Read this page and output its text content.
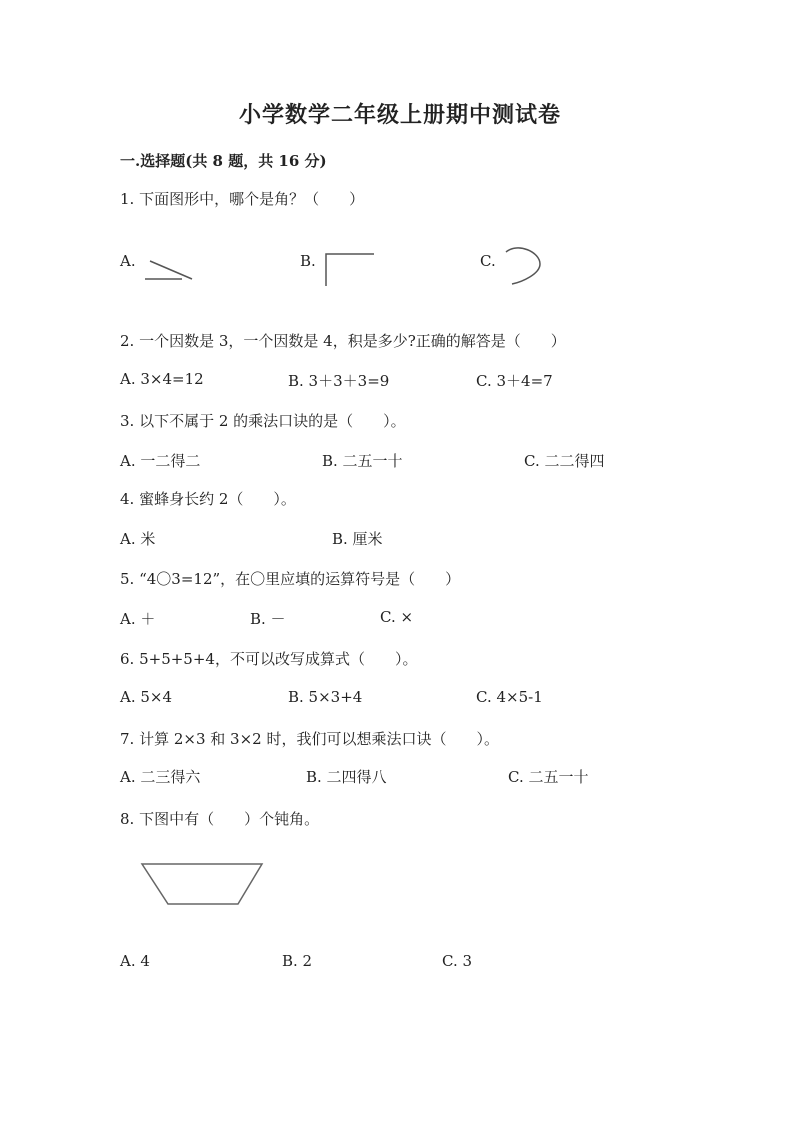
小学数学二年级上册期中测试卷
一.选择题(共 8 题，共 16 分)
1. 下面图形中，哪个是角？（　　）
A.	B.	C.
2. 一个因数是 3，一个因数是 4，积是多少?正确的解答是（　　）
A. 3×4=12	B. 3＋3＋3=9	C. 3＋4=7
3. 以下不属于 2 的乘法口诀的是（　　）。
A. 一二得二	B. 二五一十	C. 二二得四
4. 蜜蜂身长约 2（　　）。
A. 米	B. 厘米
5. “4〇3=12”，在〇里应填的运算符号是（　　）
A. ＋	B. －	C. ×
6. 5+5+5+4，不可以改写成算式（　　）。
A. 5×4	B. 5×3+4	C. 4×5-1
7. 计算 2×3 和 3×2 时，我们可以想乘法口诀（　　）。
A. 二三得六	B. 二四得八	C. 二五一十
8. 下图中有（　　）个钝角。
A. 4	B. 2	C. 3
